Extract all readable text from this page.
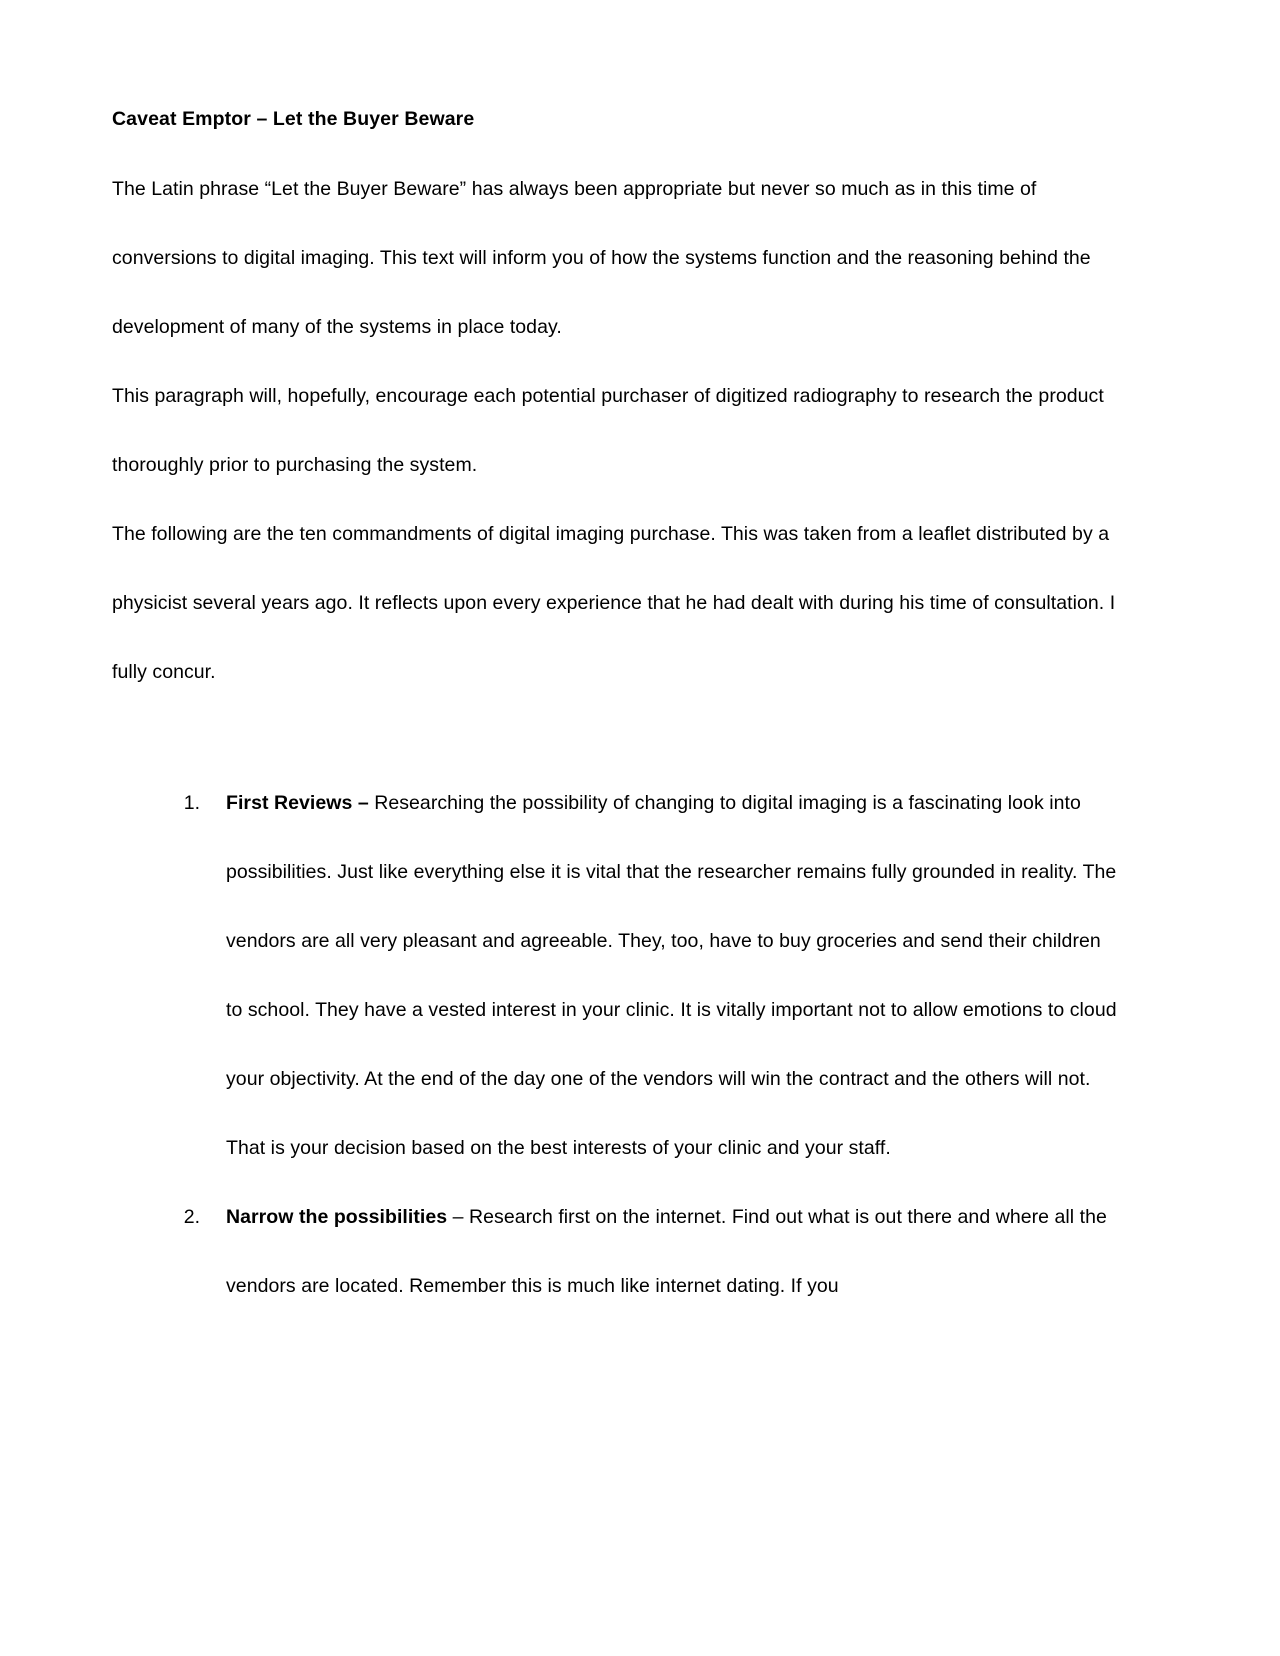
Caveat Emptor – Let the Buyer Beware

The Latin phrase “Let the Buyer Beware” has always been appropriate but never so much as in this time of conversions to digital imaging. This text will inform you of how the systems function and the reasoning behind the development of many of the systems in place today.

This paragraph will, hopefully, encourage each potential purchaser of digitized radiography to research the product thoroughly prior to purchasing the system.

The following are the ten commandments of digital imaging purchase. This was taken from a leaflet distributed by a physicist several years ago. It reflects upon every experience that he had dealt with during his time of consultation. I fully concur.

1. First Reviews – Researching the possibility of changing to digital imaging is a fascinating look into possibilities. Just like everything else it is vital that the researcher remains fully grounded in reality. The vendors are all very pleasant and agreeable. They, too, have to buy groceries and send their children to school. They have a vested interest in your clinic. It is vitally important not to allow emotions to cloud your objectivity. At the end of the day one of the vendors will win the contract and the others will not. That is your decision based on the best interests of your clinic and your staff.
2. Narrow the possibilities – Research first on the internet. Find out what is out there and where all the vendors are located. Remember this is much like internet dating. If you
